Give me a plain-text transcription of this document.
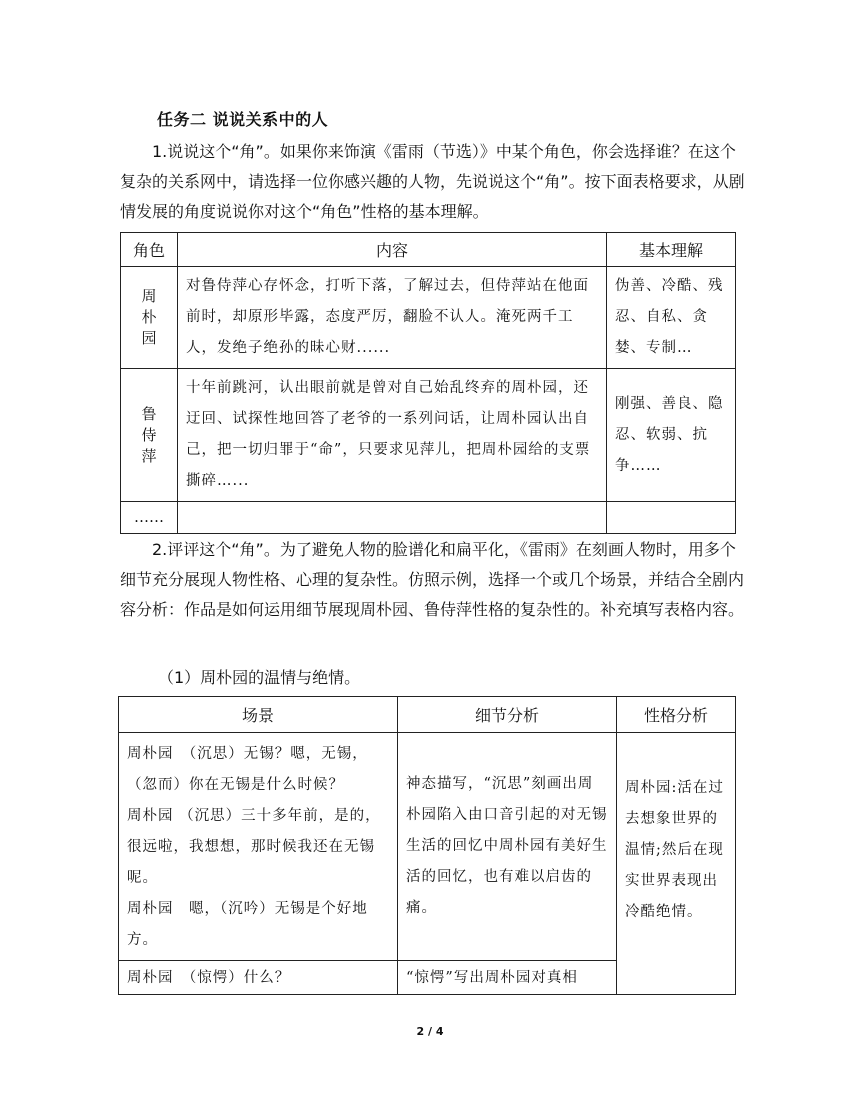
任务二 说说关系中的人
1.说说这个“角”。如果你来饰演《雷雨（节选）》中某个角色，你会选择谁？在这个复杂的关系网中，请选择一位你感兴趣的人物，先说说这个“角”。按下面表格要求，从剧情发展的角度说说你对这个“角色”性格的基本理解。
角色	内容	基本理解

周
朴
园	对鲁侍萍心存怀念，打听下落，了解过去，但侍萍站在他面前时，却原形毕露，态度严厉，翻脸不认人。淹死两千工人，发绝子绝孙的昧心财......	伪善、冷酷、残忍、自私、贪婪、专制…

鲁
侍
萍	十年前跳河，认出眼前就是曾对自己始乱终弃的周朴园，还迂回、试探性地回答了老爷的一系列问话，让周朴园认出自己，把一切归罪于“命”，只要求见萍儿，把周朴园给的支票撕碎…...	刚强、善良、隐忍、软弱、抗争……

……		

2.评评这个“角”。为了避免人物的脸谱化和扁平化，《雷雨》在刻画人物时，用多个细节充分展现人物性格、心理的复杂性。仿照示例，选择一个或几个场景，并结合全剧内容分析：作品是如何运用细节展现周朴园、鲁侍萍性格的复杂性的。补充填写表格内容。
（1）周朴园的温情与绝情。
场景	细节分析	性格分析

周朴园　（沉思）无锡？嗯，无锡，
（忽而）你在无锡是什么时候？
周朴园 （沉思）三十多年前，是的，很远啦，我想想，那时候我还在无锡呢。
周朴园　嗯，（沉吟）无锡是个好地方。	神态描写，“沉思”刻画出周朴园陷入由口音引起的对无锡生活的回忆中周朴园有美好生活的回忆，也有难以启齿的痛。	周朴园:活在过去想象世界的温情;然后在现实世界表现出冷酷绝情。
周朴园　（惊愕）什么？	“惊愕”写出周朴园对真相	
2 / 4
